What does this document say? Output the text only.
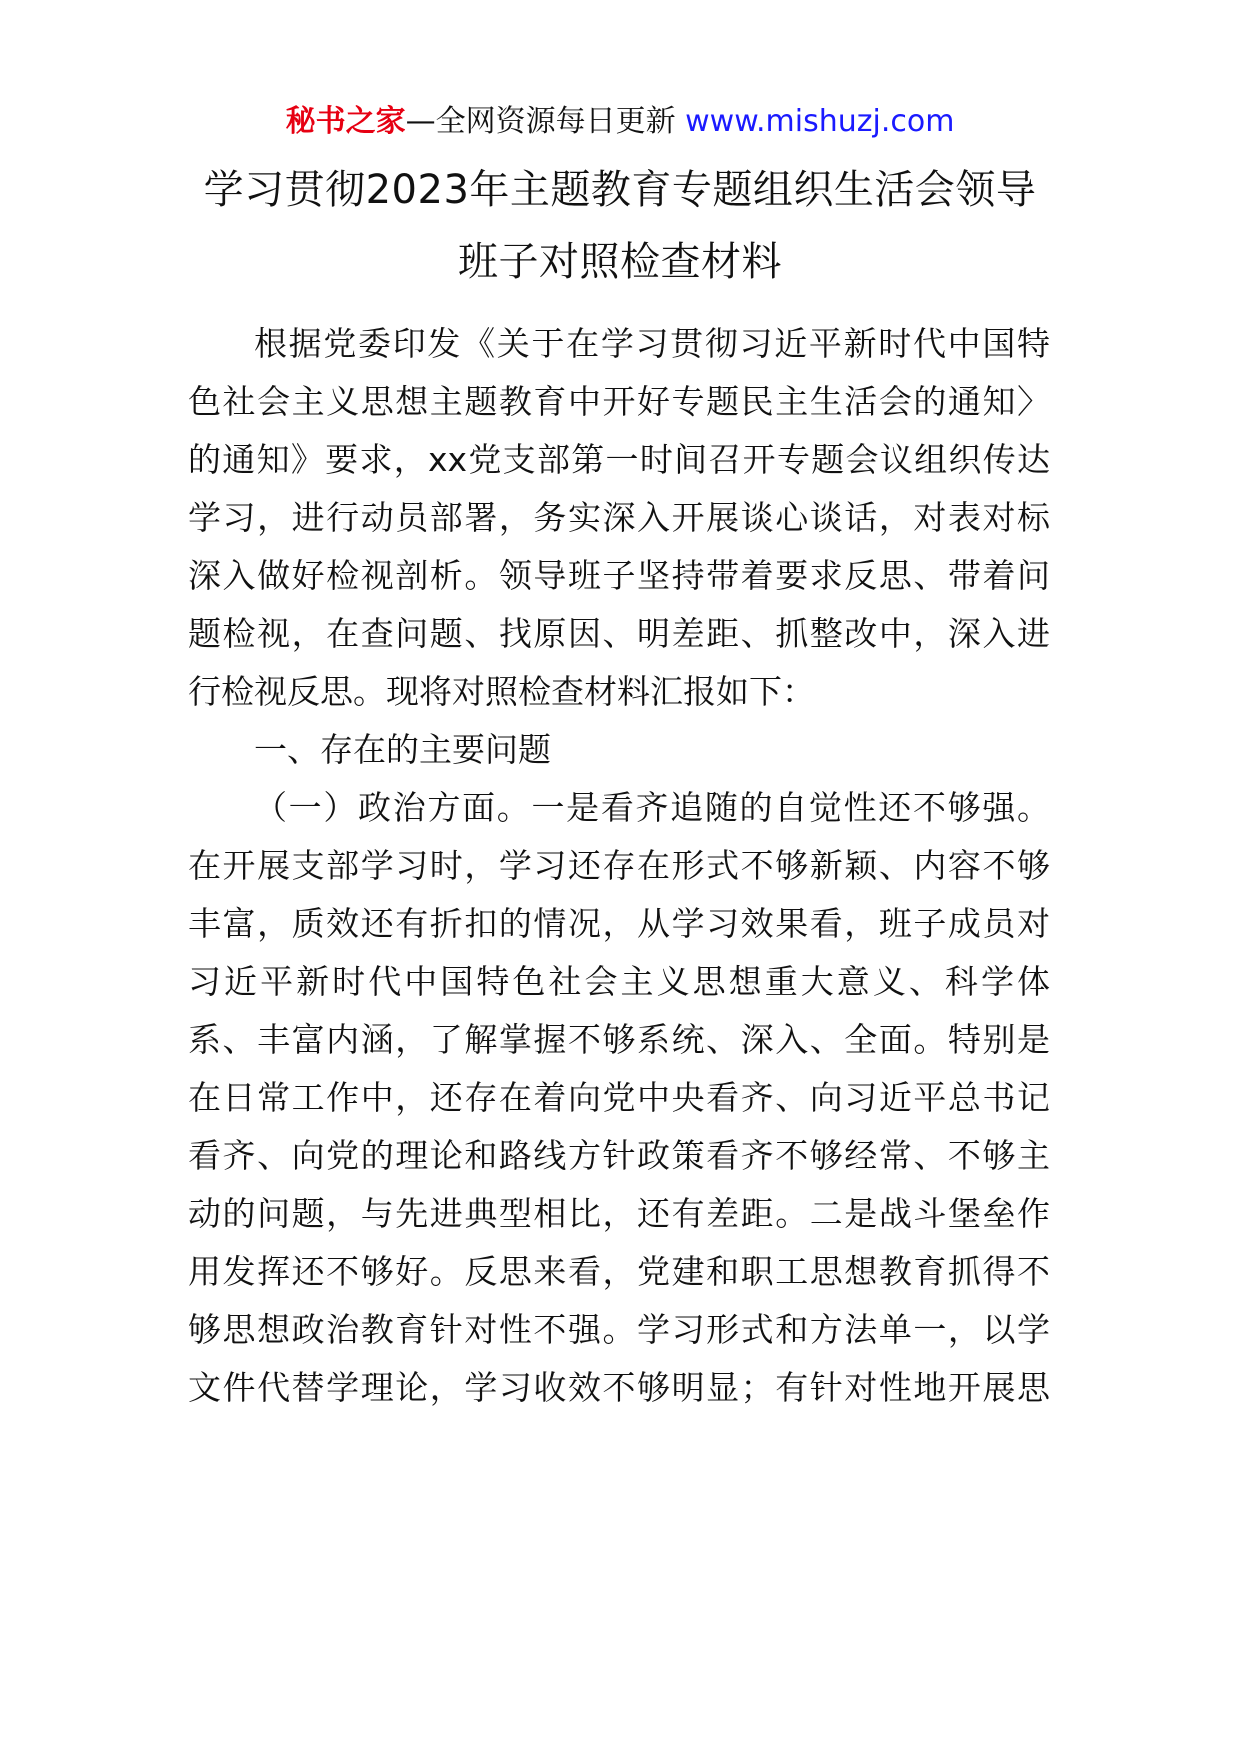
秘书之家—全网资源每日更新 www.mishuzj.com
学习贯彻2023年主题教育专题组织生活会领导
班子对照检查材料
根据党委印发《关于在学习贯彻习近平新时代中国特
色社会主义思想主题教育中开好专题民主生活会的通知〉
的通知》要求，xx党支部第一时间召开专题会议组织传达
学习，进行动员部署，务实深入开展谈心谈话，对表对标
深入做好检视剖析。领导班子坚持带着要求反思、带着问
题检视，在查问题、找原因、明差距、抓整改中，深入进
行检视反思。现将对照检查材料汇报如下：
一、存在的主要问题
（一）政治方面。一是看齐追随的自觉性还不够强。
在开展支部学习时，学习还存在形式不够新颖、内容不够
丰富，质效还有折扣的情况，从学习效果看，班子成员对
习近平新时代中国特色社会主义思想重大意义、科学体
系、丰富内涵，了解掌握不够系统、深入、全面。特别是
在日常工作中，还存在着向党中央看齐、向习近平总书记
看齐、向党的理论和路线方针政策看齐不够经常、不够主
动的问题，与先进典型相比，还有差距。二是战斗堡垒作
用发挥还不够好。反思来看，党建和职工思想教育抓得不
够思想政治教育针对性不强。学习形式和方法单一，以学
文件代替学理论，学习收效不够明显；有针对性地开展思
